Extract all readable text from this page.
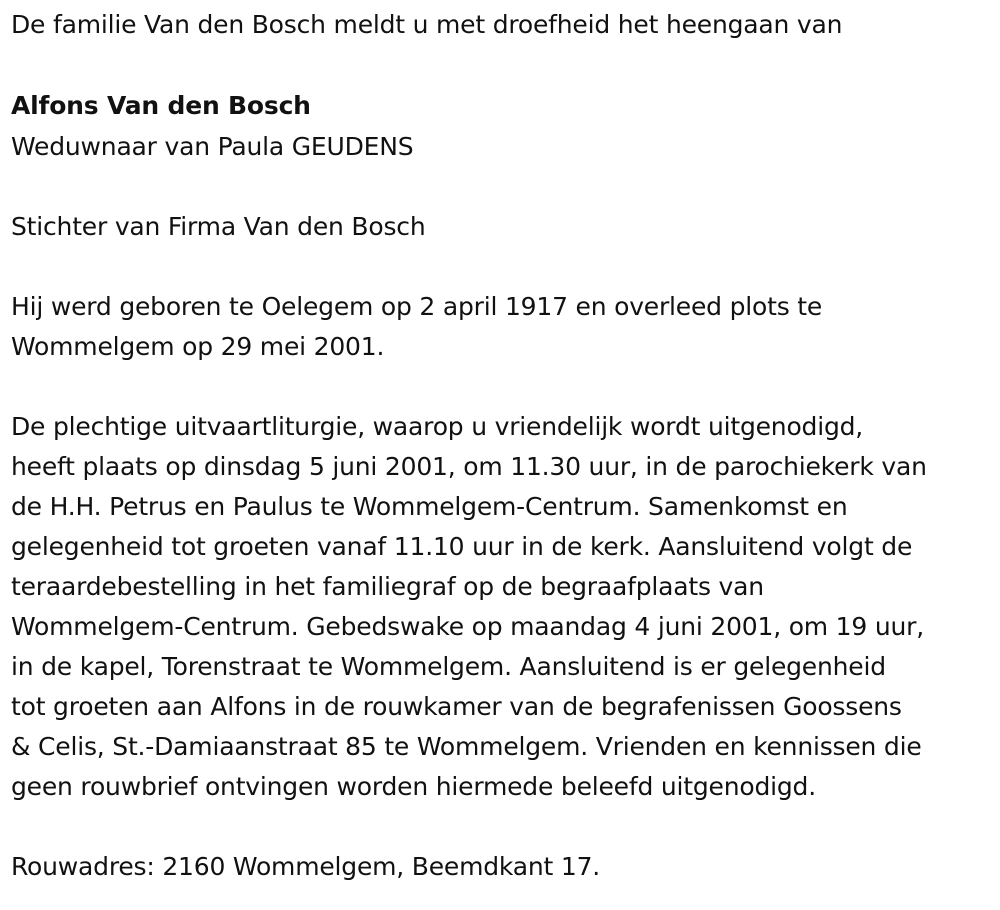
De familie Van den Bosch meldt u met droefheid het heengaan van
Alfons Van den Bosch
Weduwnaar van Paula GEUDENS
Stichter van Firma Van den Bosch
Hij werd geboren te Oelegem op 2 april 1917 en overleed plots te
Wommelgem op 29 mei 2001.
De plechtige uitvaartliturgie, waarop u vriendelijk wordt uitgenodigd,
heeft plaats op dinsdag 5 juni 2001, om 11.30 uur, in de parochiekerk van
de H.H. Petrus en Paulus te Wommelgem-Centrum. Samenkomst en
gelegenheid tot groeten vanaf 11.10 uur in de kerk. Aansluitend volgt de
teraardebestelling in het familiegraf op de begraafplaats van
Wommelgem-Centrum. Gebedswake op maandag 4 juni 2001, om 19 uur,
in de kapel, Torenstraat te Wommelgem. Aansluitend is er gelegenheid
tot groeten aan Alfons in de rouwkamer van de begrafenissen Goossens
& Celis, St.-Damiaanstraat 85 te Wommelgem. Vrienden en kennissen die
geen rouwbrief ontvingen worden hiermede beleefd uitgenodigd.
Rouwadres: 2160 Wommelgem, Beemdkant 17.
